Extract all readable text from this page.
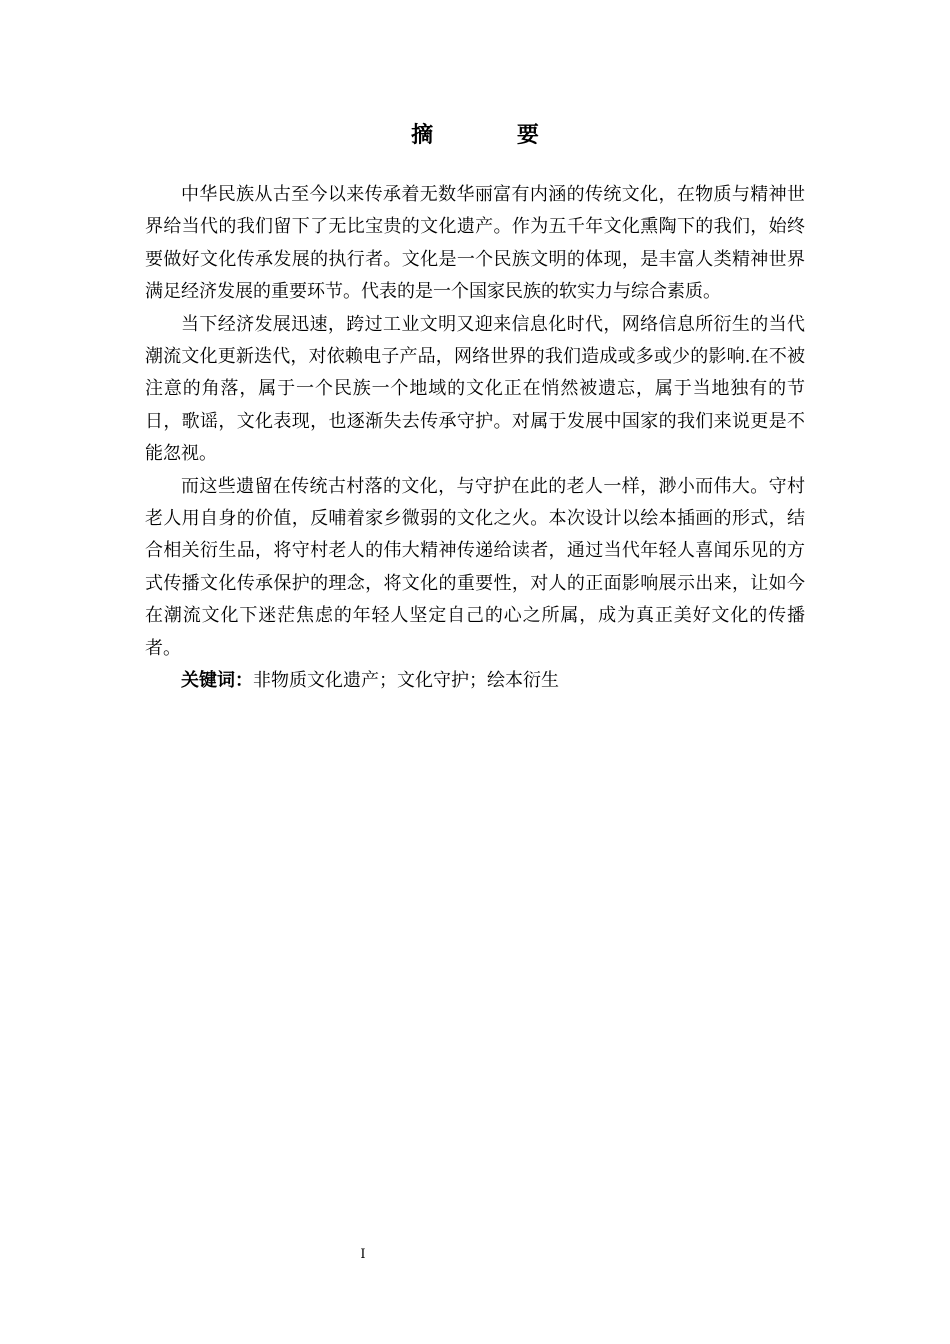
摘 要

中华民族从古至今以来传承着无数华丽富有内涵的传统文化，在物质与精神世界给当代的我们留下了无比宝贵的文化遗产。作为五千年文化熏陶下的我们，始终要做好文化传承发展的执行者。文化是一个民族文明的体现，是丰富人类精神世界满足经济发展的重要环节。代表的是一个国家民族的软实力与综合素质。

当下经济发展迅速，跨过工业文明又迎来信息化时代，网络信息所衍生的当代潮流文化更新迭代，对依赖电子产品，网络世界的我们造成或多或少的影响.在不被注意的角落，属于一个民族一个地域的文化正在悄然被遗忘，属于当地独有的节日，歌谣，文化表现，也逐渐失去传承守护。对属于发展中国家的我们来说更是不能忽视。

而这些遗留在传统古村落的文化，与守护在此的老人一样，渺小而伟大。守村老人用自身的价值，反哺着家乡微弱的文化之火。本次设计以绘本插画的形式，结合相关衍生品，将守村老人的伟大精神传递给读者，通过当代年轻人喜闻乐见的方式传播文化传承保护的理念，将文化的重要性，对人的正面影响展示出来，让如今在潮流文化下迷茫焦虑的年轻人坚定自己的心之所属，成为真正美好文化的传播者。

关键词：非物质文化遗产；文化守护；绘本衍生

I
